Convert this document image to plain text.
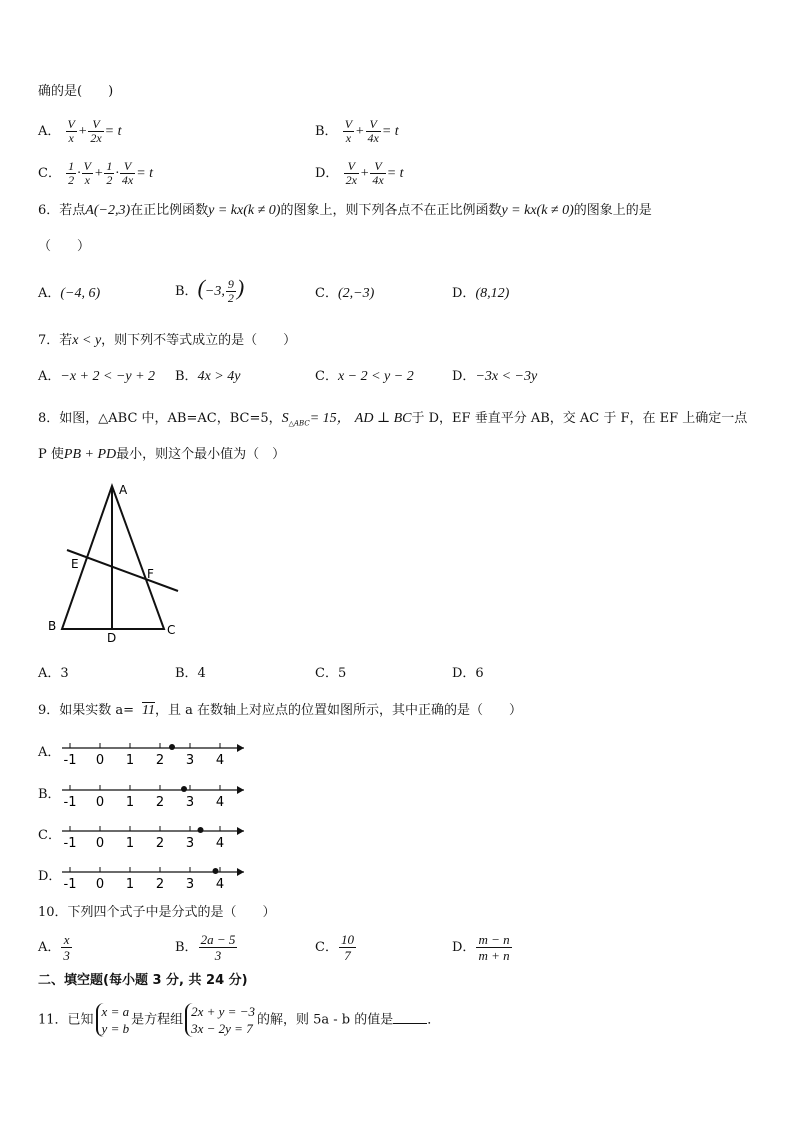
确的是(　　)
A． $\frac{V}{x} + \frac{V}{2x} = t$	B． $\frac{V}{x} + \frac{V}{4x} = t$
C． $\frac{1}{2} \cdot \frac{V}{x} + \frac{1}{2} \cdot \frac{V}{4x} = t$	D． $\frac{V}{2x} + \frac{V}{4x} = t$
6．若点A(−2,3)在正比例函数y = kx(k ≠ 0)的图象上，则下列各点不在正比例函数y = kx(k ≠ 0)的图象上的是
（　　）
A．(−4, 6)	B．(−3, $\frac{9}{2}$ )	C．(2,−3)	D．(8,12)
7．若x < y，则下列不等式成立的是（　　）
A．−x + 2 < −y + 2 B．4x > 4y	C．x − 2 < y − 2	D．−3x < −3y
8．如图，△ABC 中，AB=AC，BC=5，$S_{\triangle ABC}= 15$， AD ⊥ BC于 D，EF 垂直平分 AB，交 AC 于 F，在 EF 上确定一点
P 使PB + PD最小，则这个最小值为（　）
A
B	C
D
E
F
A．3	B．4	C．5	D．6
9．如果实数 a= 11，且 a 在数轴上对应点的位置如图所示，其中正确的是（　　）
A．
-1 0 1 2 3 4
B．
-1 0 1 2 3 4
C．
-1 0 1 2 3 4
D．
-1 0 1 2 3 4
10．下列四个式子中是分式的是（　　）
A． $\frac{x}{3}$	B． $\frac{2a - 5}{3}$	C． $\frac{10}{7}$	D． $\frac{m - n}{m + n}$
二、填空题(每小题 3 分, 共 24 分)
11．已知
x = a
y = b
是方程组
2x + y = −3
3x − 2y = 7
的解，则 5a - b 的值是	．
